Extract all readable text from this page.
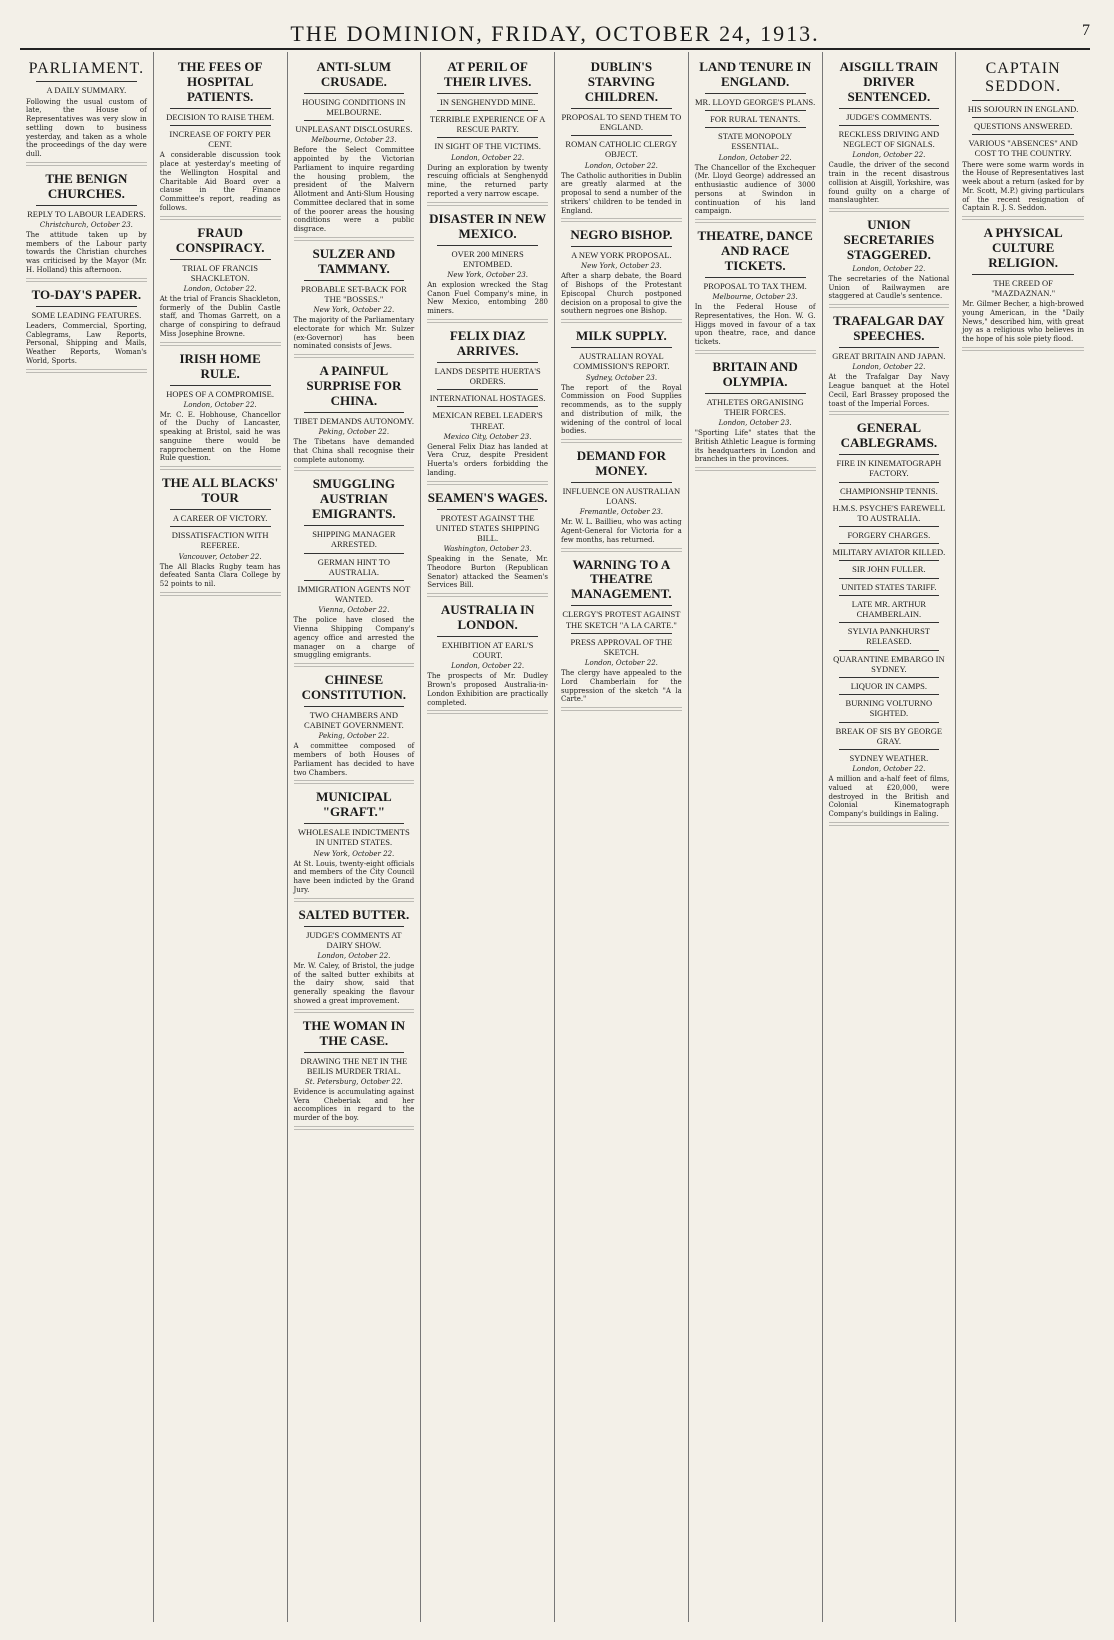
THE DOMINION, FRIDAY, OCTOBER 24, 1913.	7
PARLIAMENT.
A DAILY SUMMARY.
Following the usual custom of late, the House of Representatives was very slow in settling down to business yesterday, and taken as a whole the proceedings of the day were dull.
THE BENIGN CHURCHES.
REPLY TO LABOUR LEADERS.
Christchurch, October 23.
The attitude taken up by members of the Labour party towards the Christian churches was criticised by the Mayor (Mr. H. Holland) this afternoon.
TO-DAY'S PAPER.
SOME LEADING FEATURES.
Leaders, Commercial, Sporting, Cablegrams, Law Reports, Personal, Shipping and Mails, Weather Reports, Woman's World, Sports.
THE FEES OF HOSPITAL PATIENTS.
DECISION TO RAISE THEM.
INCREASE OF FORTY PER CENT.
A considerable discussion took place at yesterday's meeting of the Wellington Hospital and Charitable Aid Board over a clause in the Finance Committee's report, reading as follows.
FRAUD CONSPIRACY.
TRIAL OF FRANCIS SHACKLETON.
London, October 22.
At the trial of Francis Shackleton, formerly of the Dublin Castle staff, and Thomas Garrett, on a charge of conspiring to defraud Miss Josephine Browne.
IRISH HOME RULE.
HOPES OF A COMPROMISE.
London, October 22.
Mr. C. E. Hobhouse, Chancellor of the Duchy of Lancaster, speaking at Bristol, said he was sanguine there would be rapprochement on the Home Rule question.
THE ALL BLACKS' TOUR
A CAREER OF VICTORY.
DISSATISFACTION WITH REFEREE.
Vancouver, October 22.
The All Blacks Rugby team has defeated Santa Clara College by 52 points to nil.
ANTI-SLUM CRUSADE.
HOUSING CONDITIONS IN MELBOURNE.
UNPLEASANT DISCLOSURES.
Melbourne, October 23.
Before the Select Committee appointed by the Victorian Parliament to inquire regarding the housing problem, the president of the Malvern Allotment and Anti-Slum Housing Committee declared that in some of the poorer areas the housing conditions were a public disgrace.
SULZER AND TAMMANY.
PROBABLE SET-BACK FOR THE "BOSSES."
New York, October 22.
The majority of the Parliamentary electorate for which Mr. Sulzer (ex-Governor) has been nominated consists of Jews.
A PAINFUL SURPRISE FOR CHINA.
TIBET DEMANDS AUTONOMY.
Peking, October 22.
The Tibetans have demanded that China shall recognise their complete autonomy.
SMUGGLING AUSTRIAN EMIGRANTS.
SHIPPING MANAGER ARRESTED.
GERMAN HINT TO AUSTRALIA.
IMMIGRATION AGENTS NOT WANTED.
Vienna, October 22.
The police have closed the Vienna Shipping Company's agency office and arrested the manager on a charge of smuggling emigrants.
CHINESE CONSTITUTION.
TWO CHAMBERS AND CABINET GOVERNMENT.
Peking, October 22.
A committee composed of members of both Houses of Parliament has decided to have two Chambers.
MUNICIPAL "GRAFT."
WHOLESALE INDICTMENTS IN UNITED STATES.
New York, October 22.
At St. Louis, twenty-eight officials and members of the City Council have been indicted by the Grand Jury.
SALTED BUTTER.
JUDGE'S COMMENTS AT DAIRY SHOW.
London, October 22.
Mr. W. Caley, of Bristol, the judge of the salted butter exhibits at the dairy show, said that generally speaking the flavour showed a great improvement.
THE WOMAN IN THE CASE.
DRAWING THE NET IN THE BEILIS MURDER TRIAL.
St. Petersburg, October 22.
Evidence is accumulating against Vera Cheberiak and her accomplices in regard to the murder of the boy.
AT PERIL OF THEIR LIVES.
IN SENGHENYDD MINE.
TERRIBLE EXPERIENCE OF A RESCUE PARTY.
IN SIGHT OF THE VICTIMS.
London, October 22.
During an exploration by twenty rescuing officials at Senghenydd mine, the returned party reported a very narrow escape.
DISASTER IN NEW MEXICO.
OVER 200 MINERS ENTOMBED.
New York, October 23.
An explosion wrecked the Stag Canon Fuel Company's mine, in New Mexico, entombing 280 miners.
FELIX DIAZ ARRIVES.
LANDS DESPITE HUERTA'S ORDERS.
INTERNATIONAL HOSTAGES.
MEXICAN REBEL LEADER'S THREAT.
Mexico City, October 23.
General Felix Diaz has landed at Vera Cruz, despite President Huerta's orders forbidding the landing.
SEAMEN'S WAGES.
PROTEST AGAINST THE UNITED STATES SHIPPING BILL.
Washington, October 23.
Speaking in the Senate, Mr. Theodore Burton (Republican Senator) attacked the Seamen's Services Bill.
AUSTRALIA IN LONDON.
EXHIBITION AT EARL'S COURT.
London, October 22.
The prospects of Mr. Dudley Brown's proposed Australia-in-London Exhibition are practically completed.
DUBLIN'S STARVING CHILDREN.
PROPOSAL TO SEND THEM TO ENGLAND.
ROMAN CATHOLIC CLERGY OBJECT.
London, October 22.
The Catholic authorities in Dublin are greatly alarmed at the proposal to send a number of the strikers' children to be tended in England.
NEGRO BISHOP.
A NEW YORK PROPOSAL.
New York, October 23.
After a sharp debate, the Board of Bishops of the Protestant Episcopal Church postponed decision on a proposal to give the southern negroes one Bishop.
MILK SUPPLY.
AUSTRALIAN ROYAL COMMISSION'S REPORT.
Sydney, October 23.
The report of the Royal Commission on Food Supplies recommends, as to the supply and distribution of milk, the widening of the control of local bodies.
DEMAND FOR MONEY.
INFLUENCE ON AUSTRALIAN LOANS.
Fremantle, October 23.
Mr. W. L. Baillieu, who was acting Agent-General for Victoria for a few months, has returned.
WARNING TO A THEATRE MANAGEMENT.
CLERGY'S PROTEST AGAINST THE SKETCH "A LA CARTE."
PRESS APPROVAL OF THE SKETCH.
London, October 22.
The clergy have appealed to the Lord Chamberlain for the suppression of the sketch "A la Carte."
LAND TENURE IN ENGLAND.
MR. LLOYD GEORGE'S PLANS.
FOR RURAL TENANTS.
STATE MONOPOLY ESSENTIAL.
London, October 22.
The Chancellor of the Exchequer (Mr. Lloyd George) addressed an enthusiastic audience of 3000 persons at Swindon in continuation of his land campaign.
THEATRE, DANCE AND RACE TICKETS.
PROPOSAL TO TAX THEM.
Melbourne, October 23.
In the Federal House of Representatives, the Hon. W. G. Higgs moved in favour of a tax upon theatre, race, and dance tickets.
BRITAIN AND OLYMPIA.
ATHLETES ORGANISING THEIR FORCES.
London, October 23.
"Sporting Life" states that the British Athletic League is forming its headquarters in London and branches in the provinces.
AISGILL TRAIN DRIVER SENTENCED.
JUDGE'S COMMENTS.
RECKLESS DRIVING AND NEGLECT OF SIGNALS.
London, October 22.
Caudle, the driver of the second train in the recent disastrous collision at Aisgill, Yorkshire, was found guilty on a charge of manslaughter.
UNION SECRETARIES STAGGERED.
London, October 22.
The secretaries of the National Union of Railwaymen are staggered at Caudle's sentence.
TRAFALGAR DAY SPEECHES.
GREAT BRITAIN AND JAPAN.
London, October 22.
At the Trafalgar Day Navy League banquet at the Hotel Cecil, Earl Brassey proposed the toast of the Imperial Forces.
GENERAL CABLEGRAMS.
FIRE IN KINEMATOGRAPH FACTORY.
CHAMPIONSHIP TENNIS.
H.M.S. PSYCHE'S FAREWELL TO AUSTRALIA.
FORGERY CHARGES.
MILITARY AVIATOR KILLED.
SIR JOHN FULLER.
UNITED STATES TARIFF.
LATE MR. ARTHUR CHAMBERLAIN.
SYLVIA PANKHURST RELEASED.
QUARANTINE EMBARGO IN SYDNEY.
LIQUOR IN CAMPS.
BURNING VOLTURNO SIGHTED.
BREAK OF SIS BY GEORGE GRAY.
SYDNEY WEATHER.
London, October 22.
A million and a-half feet of films, valued at £20,000, were destroyed in the British and Colonial Kinematograph Company's buildings in Ealing.
CAPTAIN SEDDON.
HIS SOJOURN IN ENGLAND.
QUESTIONS ANSWERED.
VARIOUS "ABSENCES" AND COST TO THE COUNTRY.
There were some warm words in the House of Representatives last week about a return (asked for by Mr. Scott, M.P.) giving particulars of the recent resignation of Captain R. J. S. Seddon.
A PHYSICAL CULTURE RELIGION.
THE CREED OF "MAZDAZNAN."
Mr. Gilmer Becher, a high-browed young American, in the "Daily News," described him, with great joy as a religious who believes in the hope of his sole piety flood.
